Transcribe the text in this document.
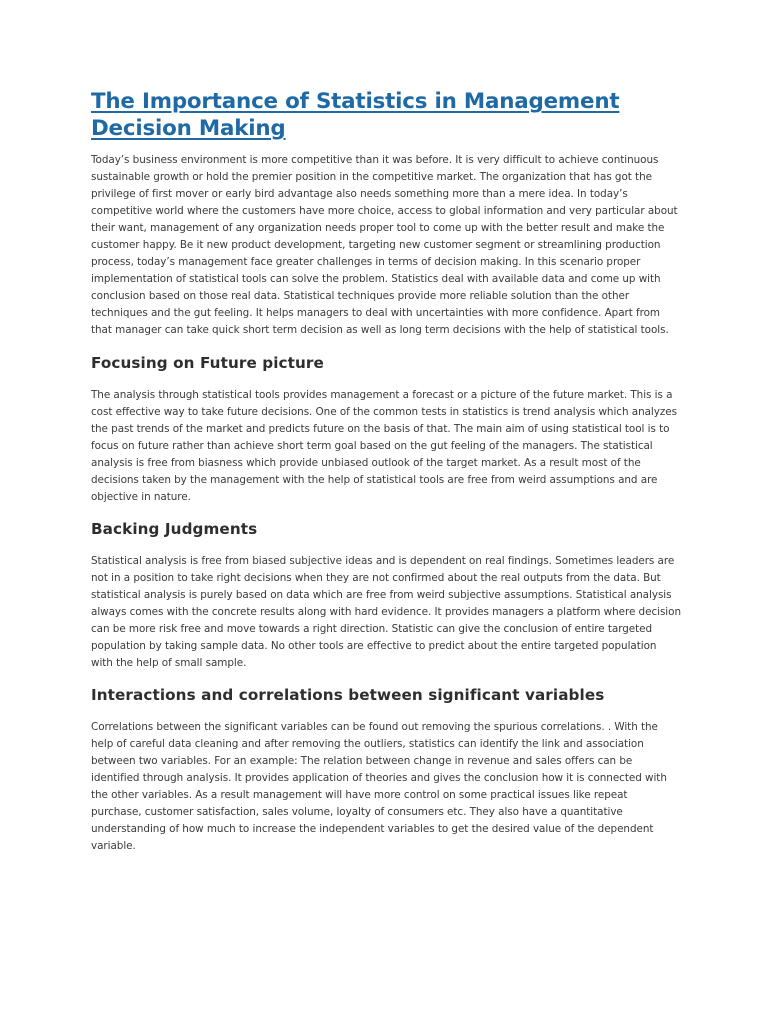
The Importance of Statistics in Management Decision Making

Today’s business environment is more competitive than it was before. It is very difficult to achieve continuous sustainable growth or hold the premier position in the competitive market. The organization that has got the privilege of first mover or early bird advantage also needs something more than a mere idea. In today’s competitive world where the customers have more choice, access to global information and very particular about their want, management of any organization needs proper tool to come up with the better result and make the customer happy. Be it new product development, targeting new customer segment or streamlining production process, today’s management face greater challenges in terms of decision making. In this scenario proper implementation of statistical tools can solve the problem. Statistics deal with available data and come up with conclusion based on those real data. Statistical techniques provide more reliable solution than the other techniques and the gut feeling. It helps managers to deal with uncertainties with more confidence. Apart from that manager can take quick short term decision as well as long term decisions with the help of statistical tools.

Focusing on Future picture

The analysis through statistical tools provides management a forecast or a picture of the future market. This is a cost effective way to take future decisions. One of the common tests in statistics is trend analysis which analyzes the past trends of the market and predicts future on the basis of that. The main aim of using statistical tool is to focus on future rather than achieve short term goal based on the gut feeling of the managers. The statistical analysis is free from biasness which provide unbiased outlook of the target market. As a result most of the decisions taken by the management with the help of statistical tools are free from weird assumptions and are objective in nature.

Backing Judgments

Statistical analysis is free from biased subjective ideas and is dependent on real findings. Sometimes leaders are not in a position to take right decisions when they are not confirmed about the real outputs from the data. But statistical analysis is purely based on data which are free from weird subjective assumptions. Statistical analysis always comes with the concrete results along with hard evidence. It provides managers a platform where decision can be more risk free and move towards a right direction. Statistic can give the conclusion of entire targeted population by taking sample data. No other tools are effective to predict about the entire targeted population with the help of small sample.

Interactions and correlations between significant variables

Correlations between the significant variables can be found out removing the spurious correlations. . With the help of careful data cleaning and after removing the outliers, statistics can identify the link and association between two variables. For an example: The relation between change in revenue and sales offers can be identified through analysis. It provides application of theories and gives the conclusion how it is connected with the other variables. As a result management will have more control on some practical issues like repeat purchase, customer satisfaction, sales volume, loyalty of consumers etc. They also have a quantitative understanding of how much to increase the independent variables to get the desired value of the dependent variable.
